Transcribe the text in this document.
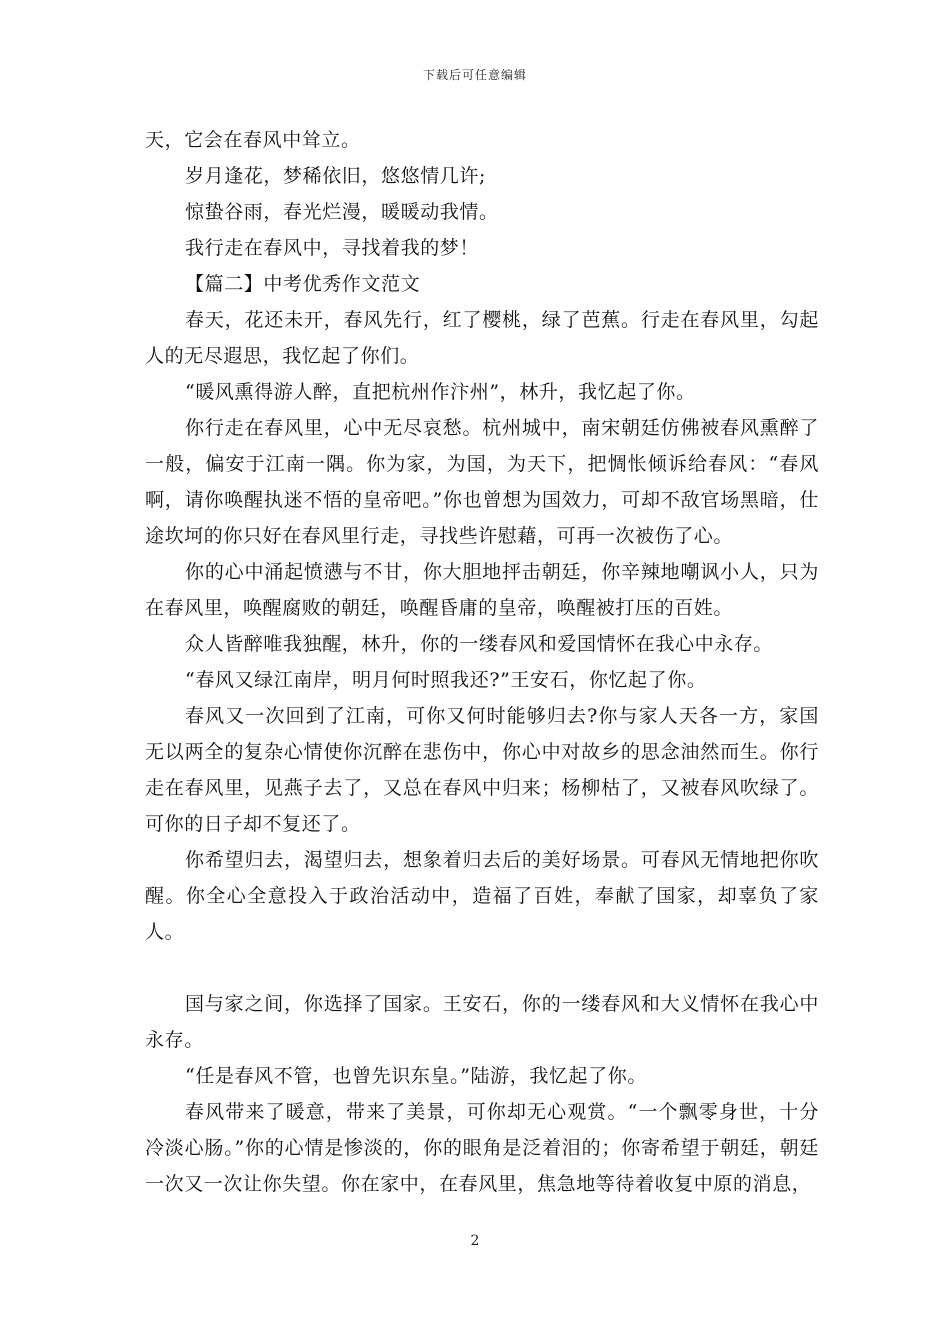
下载后可任意编辑

天，它会在春风中耸立。

岁月逢花，梦稀依旧，悠悠情几许;

惊蛰谷雨，春光烂漫，暖暖动我情。

我行走在春风中，寻找着我的梦！

【篇二】中考优秀作文范文

春天，花还未开，春风先行，红了樱桃，绿了芭蕉。行走在春风里，勾起人的无尽遐思，我忆起了你们。

“暖风熏得游人醉，直把杭州作汴州”，林升，我忆起了你。

你行走在春风里，心中无尽哀愁。杭州城中，南宋朝廷仿佛被春风熏醉了一般，偏安于江南一隅。你为家，为国，为天下，把惆怅倾诉给春风：“春风啊，请你唤醒执迷不悟的皇帝吧。”你也曾想为国效力，可却不敌官场黑暗，仕途坎坷的你只好在春风里行走，寻找些许慰藉，可再一次被伤了心。

你的心中涌起愤懑与不甘，你大胆地抨击朝廷，你辛辣地嘲讽小人，只为在春风里，唤醒腐败的朝廷，唤醒昏庸的皇帝，唤醒被打压的百姓。

众人皆醉唯我独醒，林升，你的一缕春风和爱国情怀在我心中永存。

“春风又绿江南岸，明月何时照我还?”王安石，你忆起了你。

春风又一次回到了江南，可你又何时能够归去?你与家人天各一方，家国无以两全的复杂心情使你沉醉在悲伤中，你心中对故乡的思念油然而生。你行走在春风里，见燕子去了，又总在春风中归来；杨柳枯了，又被春风吹绿了。可你的日子却不复还了。

你希望归去，渴望归去，想象着归去后的美好场景。可春风无情地把你吹醒。你全心全意投入于政治活动中，造福了百姓，奉献了国家，却辜负了家人。

国与家之间，你选择了国家。王安石，你的一缕春风和大义情怀在我心中永存。

“任是春风不管，也曾先识东皇。”陆游，我忆起了你。

春风带来了暖意，带来了美景，可你却无心观赏。“一个飘零身世，十分冷淡心肠。”你的心情是惨淡的，你的眼角是泛着泪的；你寄希望于朝廷，朝廷一次又一次让你失望。你在家中，在春风里，焦急地等待着收复中原的消息，

2
